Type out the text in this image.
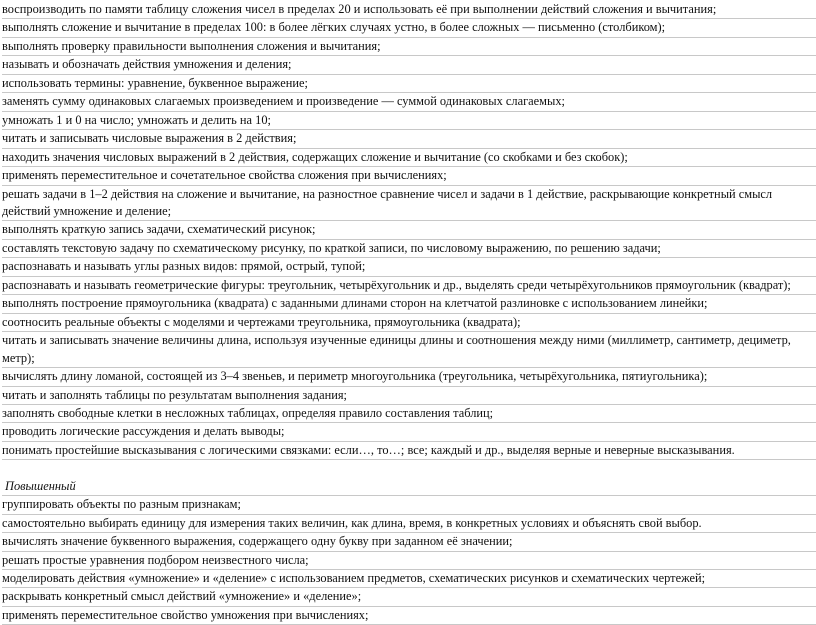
воспроизводить по памяти таблицу сложения чисел в пределах 20 и использовать её при выполнении действий сложения и вычитания;

выполнять сложение и вычитание в пределах 100: в более лёгких случаях устно, в более сложных — письменно (столбиком);

выполнять проверку правильности выполнения сложения и вычитания;

называть и обозначать действия умножения и деления;

использовать термины: уравнение, буквенное выражение;

заменять сумму одинаковых слагаемых произведением и произведение — суммой одинаковых слагаемых;

умножать 1 и 0 на число; умножать и делить на 10;

читать и записывать числовые выражения в 2 действия;

находить значения числовых выражений в 2 действия, содержащих сложение и вычитание (со скобками и без скобок);

применять переместительное и сочетательное свойства сложения при вычислениях;

решать задачи в 1–2 действия на сложение и вычитание, на разностное сравнение чисел и задачи в 1 действие, раскрывающие конкретный смысл действий умножение и деление;

выполнять краткую запись задачи, схематический рисунок;

составлять текстовую задачу по схематическому рисунку, по краткой записи, по числовому выражению, по решению задачи;

распознавать и называть углы разных видов: прямой, острый, тупой;

распознавать и называть геометрические фигуры: треугольник, четырёхугольник и др., выделять среди четырёхугольников прямоугольник (квадрат);

выполнять построение прямоугольника (квадрата) с заданными длинами сторон на клетчатой разлиновке с использованием линейки;

соотносить реальные объекты с моделями и чертежами треугольника, прямоугольника (квадрата);

читать и записывать значение величины длина, используя изученные единицы длины и соотношения между ними (миллиметр, сантиметр, дециметр, метр);

вычислять длину ломаной, состоящей из 3–4 звеньев, и периметр многоугольника (треугольника, четырёхугольника, пятиугольника);

читать и заполнять таблицы по результатам выполнения задания;

заполнять свободные клетки в несложных таблицах, определяя правило составления таблиц;

проводить логические рассуждения и делать выводы;

понимать простейшие высказывания с логическими связками: если…, то…; все; каждый и др., выделяя верные и неверные высказывания.

Повышенный

группировать объекты по разным признакам;

самостоятельно выбирать единицу для измерения таких величин, как длина, время, в конкретных условиях и объяснять свой выбор.

вычислять значение буквенного выражения, содержащего одну букву при заданном её значении;

решать простые уравнения подбором неизвестного числа;

моделировать действия «умножение» и «деление» с использованием предметов, схематических рисунков и схематических чертежей;

раскрывать конкретный смысл действий «умножение» и «деление»;

применять переместительное свойство умножения при вычислениях;
